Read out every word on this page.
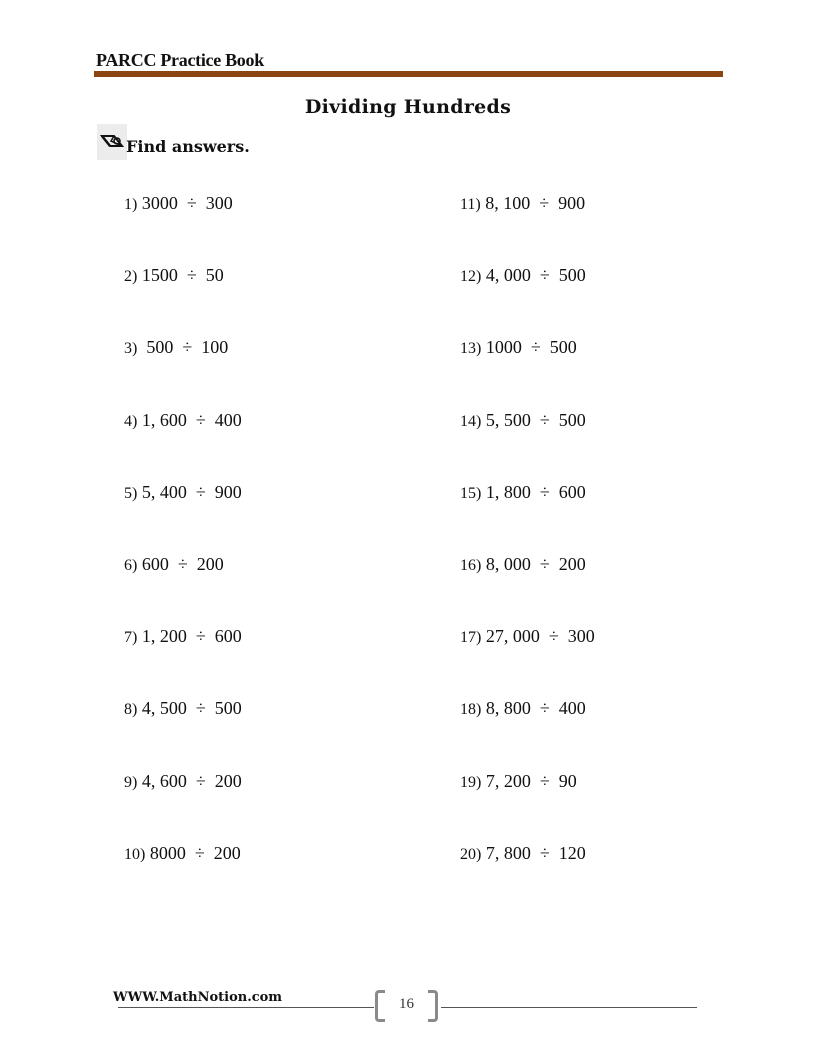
PARCC Practice Book
Dividing Hundreds
Find answers.
1) 3000  ÷  300
2) 1500  ÷  50
3)  500  ÷  100
4) 1, 600  ÷  400
5) 5, 400  ÷  900
6) 600  ÷  200
7) 1, 200  ÷  600
8) 4, 500  ÷  500
9) 4, 600  ÷  200
10) 8000  ÷  200
11) 8, 100  ÷  900
12) 4, 000  ÷  500
13) 1000  ÷  500
14) 5, 500  ÷  500
15) 1, 800  ÷  600
16) 8, 000  ÷  200
17) 27, 000  ÷  300
18) 8, 800  ÷  400
19) 7, 200  ÷  90
20) 7, 800  ÷  120
WWW.MathNotion.com	16
